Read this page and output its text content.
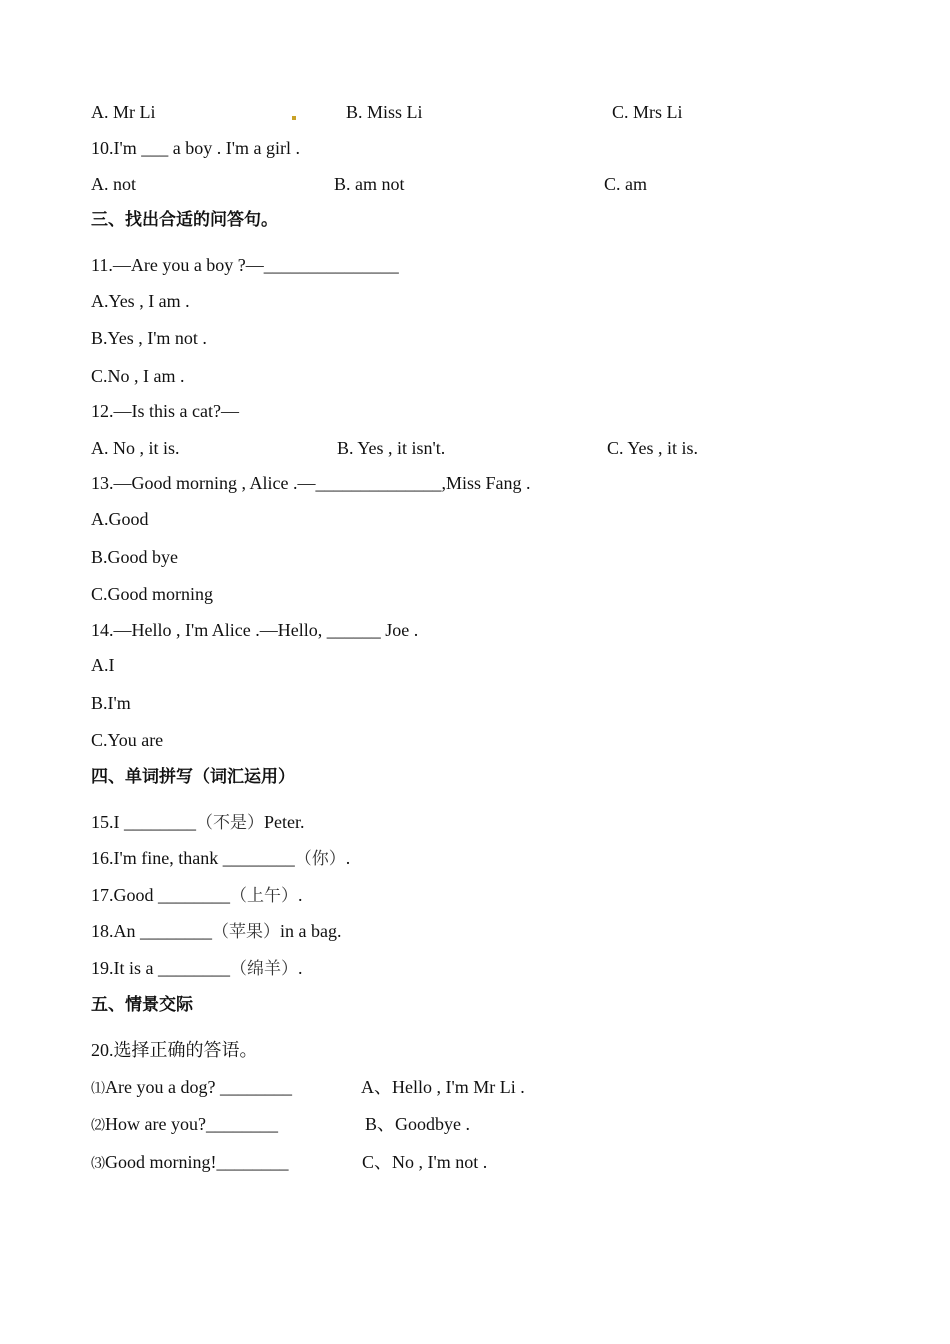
A. Mr Li	B. Miss Li	C. Mrs Li
10.I'm ___ a boy . I'm a girl .
A. not	B. am not	C. am
三、找出合适的问答句。
11.—Are you a boy ?—_______________
A.Yes , I am .
B.Yes , I'm not .
C.No , I am .
12.—Is this a cat?—
A. No , it is.	B. Yes , it isn't.	C. Yes , it is.
13.—Good morning , Alice .—______________,Miss Fang .
A.Good
B.Good bye
C.Good morning
14.—Hello , I'm Alice .—Hello, ______ Joe .
A.I
B.I'm
C.You are
四、单词拼写（词汇运用）
15.I ________（不是）Peter.
16.I'm fine, thank ________（你）.
17.Good ________（上午）.
18.An ________（苹果）in a bag.
19.It is a ________（绵羊）.
五、情景交际
20.选择正确的答语。
⑴Are you a dog? ________	A、Hello , I'm Mr Li .
⑵How are you?________	B、Goodbye .
⑶Good morning!________	C、No , I'm not .
